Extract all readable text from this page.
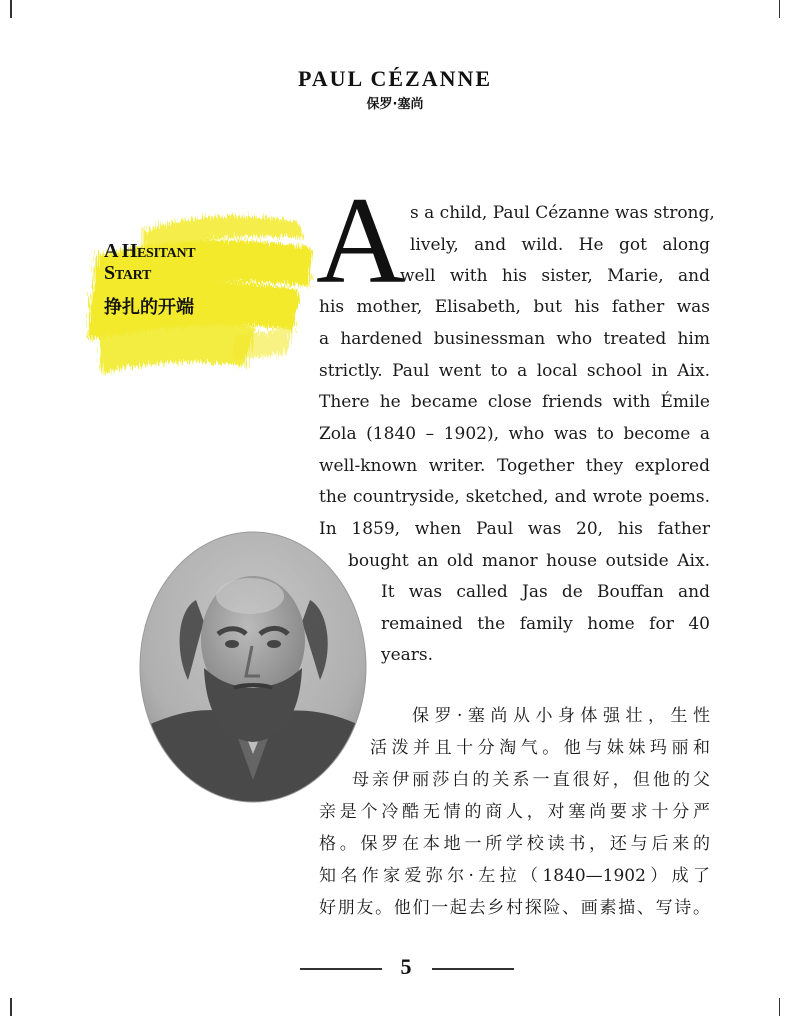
PAUL CÉZANNE
保罗·塞尚
A Hesitant
Start
挣扎的开端 A s a child, Paul Cézanne was strong,
lively, and wild. He got along
well with his sister, Marie, and
his mother, Elisabeth, but his father was
a hardened businessman who treated him
strictly. Paul went to a local school in Aix.
There he became close friends with Émile
Zola (1840 – 1902), who was to become a
well-known writer. Together they explored
the countryside, sketched, and wrote poems.
In 1859, when Paul was 20, his father
bought an old manor house outside Aix.
It was called Jas de Bouffan and
remained the family home for 40
years.
保罗·塞尚从小身体强壮，生性
活泼并且十分淘气。他与妹妹玛丽和
母亲伊丽莎白的关系一直很好，但他的父
亲是个冷酷无情的商人，对塞尚要求十分严
格。保罗在本地一所学校读书，还与后来的
知名作家爱弥尔·左拉（1840—1902）成了
好朋友。他们一起去乡村探险、画素描、写诗。
5
